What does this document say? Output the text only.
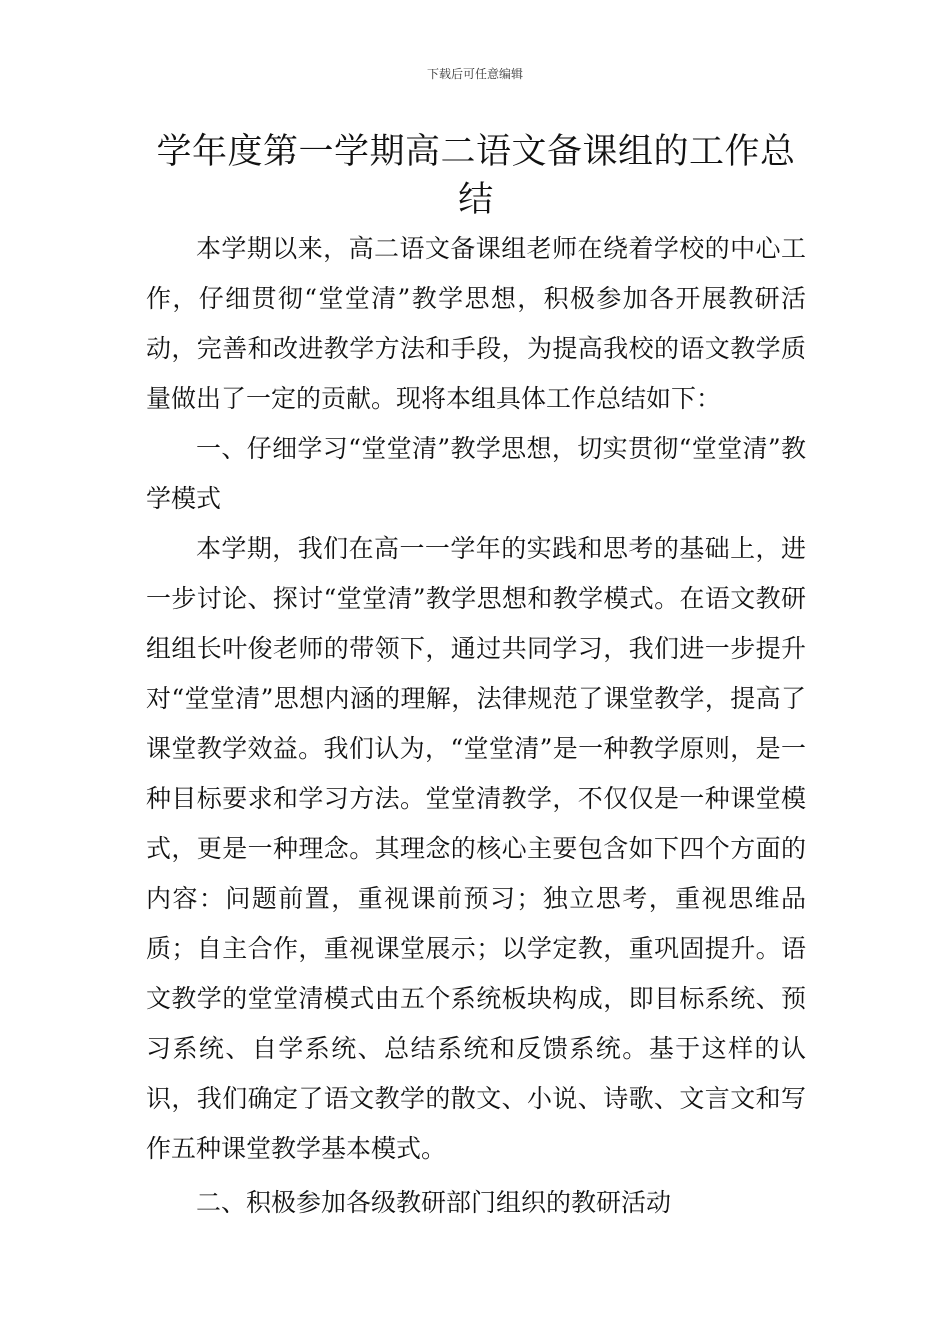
下载后可任意编辑
学年度第一学期高二语文备课组的工作总结

本学期以来，高二语文备课组老师在绕着学校的中心工作，仔细贯彻“堂堂清”教学思想，积极参加各开展教研活动，完善和改进教学方法和手段，为提高我校的语文教学质量做出了一定的贡献。现将本组具体工作总结如下：

一、仔细学习“堂堂清”教学思想，切实贯彻“堂堂清”教学模式

本学期，我们在高一一学年的实践和思考的基础上，进一步讨论、探讨“堂堂清”教学思想和教学模式。在语文教研组组长叶俊老师的带领下，通过共同学习，我们进一步提升对“堂堂清”思想内涵的理解，法律规范了课堂教学，提高了课堂教学效益。我们认为，“堂堂清”是一种教学原则，是一种目标要求和学习方法。堂堂清教学，不仅仅是一种课堂模式，更是一种理念。其理念的核心主要包含如下四个方面的内容：问题前置，重视课前预习；独立思考，重视思维品质；自主合作，重视课堂展示；以学定教，重巩固提升。语文教学的堂堂清模式由五个系统板块构成，即目标系统、预习系统、自学系统、总结系统和反馈系统。基于这样的认识，我们确定了语文教学的散文、小说、诗歌、文言文和写作五种课堂教学基本模式。

二、积极参加各级教研部门组织的教研活动
